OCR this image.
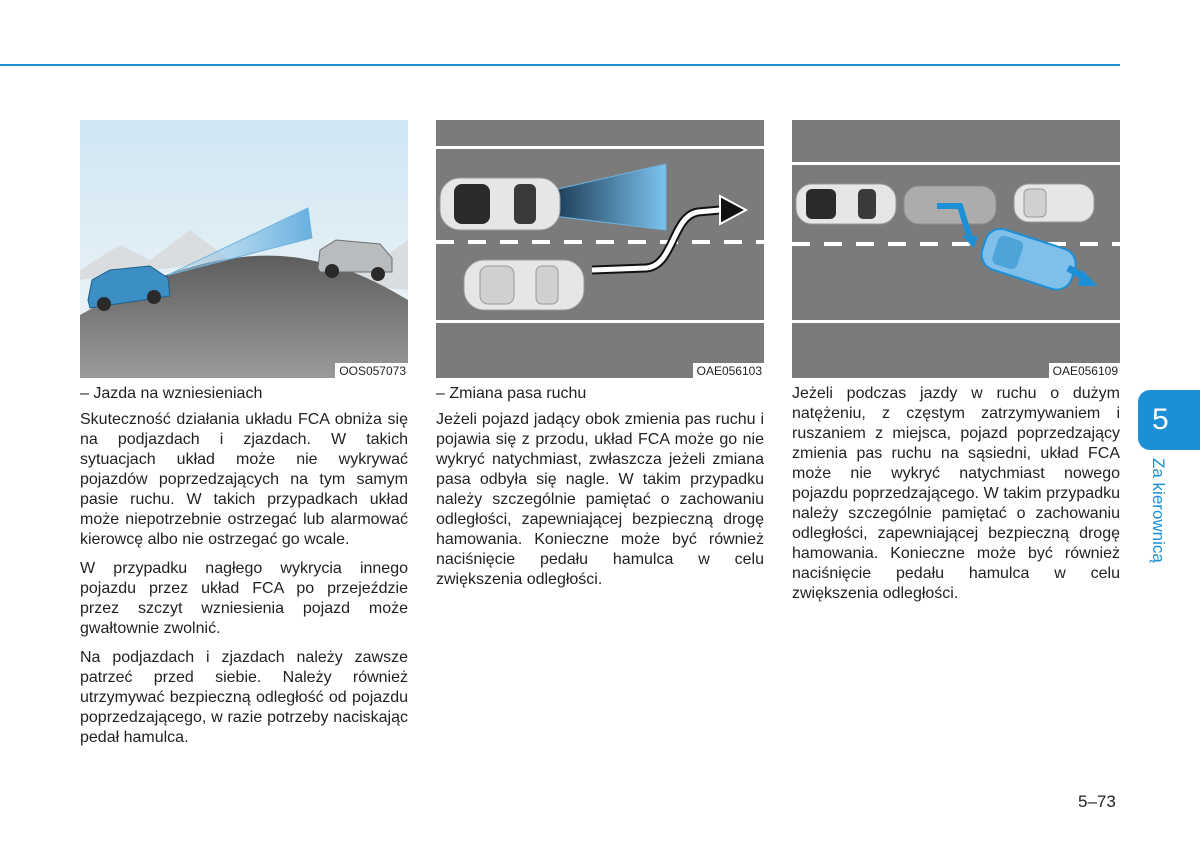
OOS057073	OAE056103	OAE056109

– Jazda na wzniesieniach

Skuteczność działania układu FCA obniża się na podjazdach i zjazdach. W takich sytuacjach układ może nie wykrywać pojazdów poprzedzających na tym samym pasie ruchu. W takich przypadkach układ może niepotrzebnie ostrzegać lub alarmować kierowcę albo nie ostrzegać go wcale.

W przypadku nagłego wykrycia innego pojazdu przez układ FCA po przejeździe przez szczyt wzniesienia pojazd może gwałtownie zwolnić.

Na podjazdach i zjazdach należy zawsze patrzeć przed siebie. Należy również utrzymywać bezpieczną odległość od pojazdu poprzedzającego, w razie potrzeby naciskając pedał hamulca.

– Zmiana pasa ruchu

Jeżeli pojazd jadący obok zmienia pas ruchu i pojawia się z przodu, układ FCA może go nie wykryć natychmiast, zwłaszcza jeżeli zmiana pasa odbyła się nagle. W takim przypadku należy szczególnie pamiętać o zachowaniu odległości, zapewniającej bezpieczną drogę hamowania. Konieczne może być również naciśnięcie pedału hamulca w celu zwiększenia odległości.

Jeżeli podczas jazdy w ruchu o dużym natężeniu, z częstym zatrzymywaniem i ruszaniem z miejsca, pojazd poprzedzający zmienia pas ruchu na sąsiedni, układ FCA może nie wykryć natychmiast nowego pojazdu poprzedzającego. W takim przypadku należy szczególnie pamiętać o zachowaniu odległości, zapewniającej bezpieczną drogę hamowania. Konieczne może być również naciśnięcie pedału hamulca w celu zwiększenia odległości.

5
Za kierownicą
5–73
